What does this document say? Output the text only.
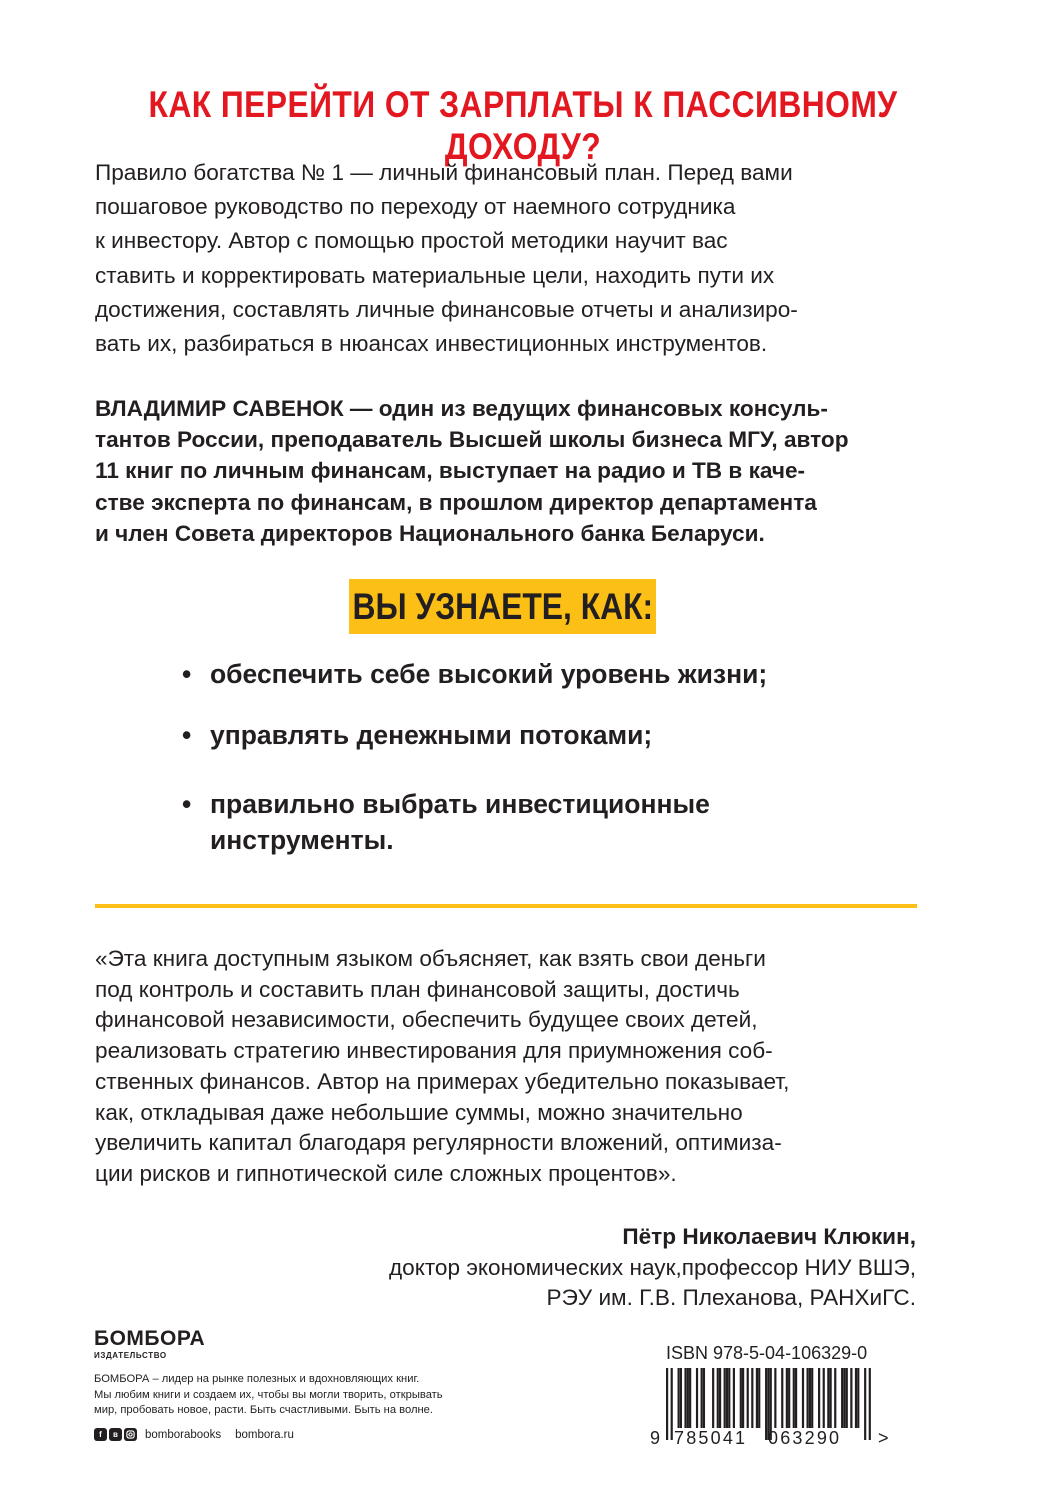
КАК ПЕРЕЙТИ ОТ ЗАРПЛАТЫ К ПАССИВНОМУ ДОХОДУ?
Правило богатства № 1 — личный финансовый план. Перед вами
пошаговое руководство по переходу от наемного сотрудника
к инвестору. Автор с помощью простой методики научит вас
ставить и корректировать материальные цели, находить пути их
достижения, составлять личные финансовые отчеты и анализиро-
вать их, разбираться в нюансах инвестиционных инструментов.
ВЛАДИМИР САВЕНОК — один из ведущих финансовых консуль-
тантов России, преподаватель Высшей школы бизнеса МГУ, автор
11 книг по личным финансам, выступает на радио и ТВ в каче-
стве эксперта по финансам, в прошлом директор департамента
и член Совета директоров Национального банка Беларуси.
ВЫ УЗНАЕТЕ, КАК:
• обеспечить себе высокий уровень жизни;
• управлять денежными потоками;
• правильно выбрать инвестиционные
инструменты.
«Эта книга доступным языком объясняет, как взять свои деньги
под контроль и составить план финансовой защиты, достичь
финансовой независимости, обеспечить будущее своих детей,
реализовать стратегию инвестирования для приумножения соб-
ственных финансов. Автор на примерах убедительно показывает,
как, откладывая даже небольшие суммы, можно значительно
увеличить капитал благодаря регулярности вложений, оптимиза-
ции рисков и гипнотической силе сложных процентов».
Пётр Николаевич Клюкин,
доктор экономических наук,профессор НИУ ВШЭ,
РЭУ им. Г.В. Плеханова, РАНХиГС.
БОМБОРА
ИЗДАТЕЛЬСТВО
БОМБОРА – лидер на рынке полезных и вдохновляющих книг.
Мы любим книги и создаем их, чтобы вы могли творить, открывать
мир, пробовать новое, расти. Быть счастливыми. Быть на волне.
f	в	bomborabooks bombora.ru
ISBN 978-5-04-106329-0
9 785041 063290 >
